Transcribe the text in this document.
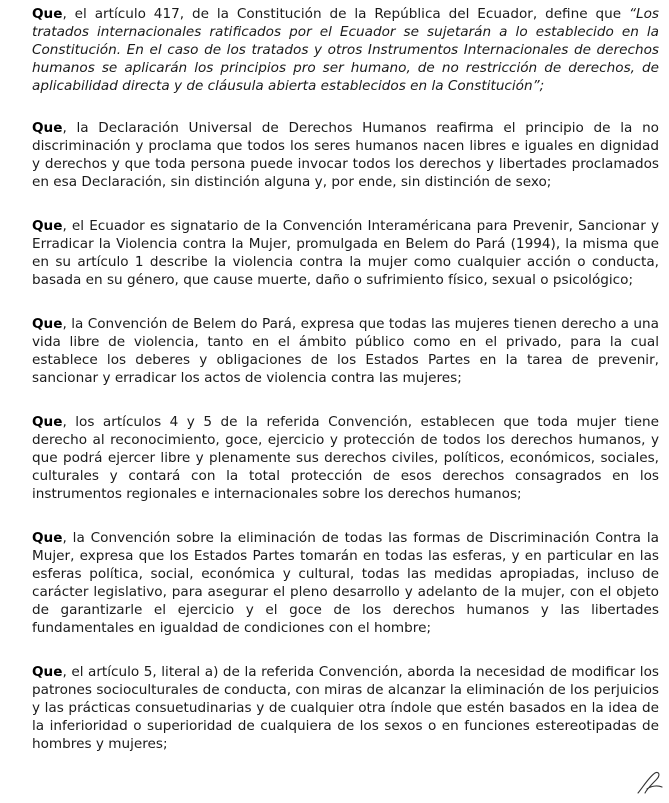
Que, el artículo 417, de la Constitución de la República del Ecuador, define que “Los tratados internacionales ratificados por el Ecuador se sujetarán a lo establecido en la Constitución. En el caso de los tratados y otros Instrumentos Internacionales de derechos humanos se aplicarán los principios pro ser humano, de no restricción de derechos, de aplicabilidad directa y de cláusula abierta establecidos en la Constitución”;

Que, la Declaración Universal de Derechos Humanos reafirma el principio de la no discriminación y proclama que todos los seres humanos nacen libres e iguales en dignidad y derechos y que toda persona puede invocar todos los derechos y libertades proclamados en esa Declaración, sin distinción alguna y, por ende, sin distinción de sexo;

Que, el Ecuador es signatario de la Convención Interaméricana para Prevenir, Sancionar y Erradicar la Violencia contra la Mujer, promulgada en Belem do Pará (1994), la misma que en su artículo 1 describe la violencia contra la mujer como cualquier acción o conducta, basada en su género, que cause muerte, daño o sufrimiento físico, sexual o psicológico;

Que, la Convención de Belem do Pará, expresa que todas las mujeres tienen derecho a una vida libre de violencia, tanto en el ámbito público como en el privado, para la cual establece los deberes y obligaciones de los Estados Partes en la tarea de prevenir, sancionar y erradicar los actos de violencia contra las mujeres;

Que, los artículos 4 y 5 de la referida Convención, establecen que toda mujer tiene derecho al reconocimiento, goce, ejercicio y protección de todos los derechos humanos, y que podrá ejercer libre y plenamente sus derechos civiles, políticos, económicos, sociales, culturales y contará con la total protección de esos derechos consagrados en los instrumentos regionales e internacionales sobre los derechos humanos;

Que, la Convención sobre la eliminación de todas las formas de Discriminación Contra la Mujer, expresa que los Estados Partes tomarán en todas las esferas, y en particular en las esferas política, social, económica y cultural, todas las medidas apropiadas, incluso de carácter legislativo, para asegurar el pleno desarrollo y adelanto de la mujer, con el objeto de garantizarle el ejercicio y el goce de los derechos humanos y las libertades fundamentales en igualdad de condiciones con el hombre;

Que, el artículo 5, literal a) de la referida Convención, aborda la necesidad de modificar los patrones socioculturales de conducta, con miras de alcanzar la eliminación de los perjuicios y las prácticas consuetudinarias y de cualquier otra índole que estén basados en la idea de la inferioridad o superioridad de cualquiera de los sexos o en funciones estereotipadas de hombres y mujeres;
